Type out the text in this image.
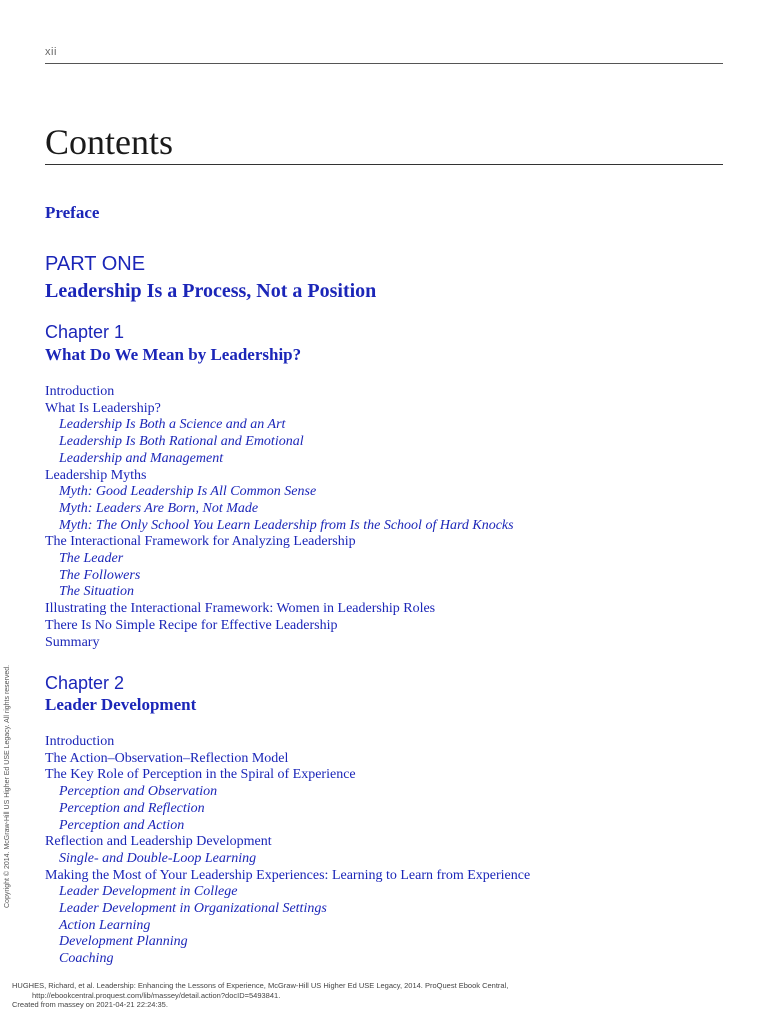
xii
Contents
Preface
PART ONE
Leadership Is a Process, Not a Position
Chapter 1
What Do We Mean by Leadership?
Introduction
What Is Leadership?
Leadership Is Both a Science and an Art
Leadership Is Both Rational and Emotional
Leadership and Management
Leadership Myths
Myth: Good Leadership Is All Common Sense
Myth: Leaders Are Born, Not Made
Myth: The Only School You Learn Leadership from Is the School of Hard Knocks
The Interactional Framework for Analyzing Leadership
The Leader
The Followers
The Situation
Illustrating the Interactional Framework: Women in Leadership Roles
There Is No Simple Recipe for Effective Leadership
Summary
Chapter 2
Leader Development
Introduction
The Action–Observation–Reflection Model
The Key Role of Perception in the Spiral of Experience
Perception and Observation
Perception and Reflection
Perception and Action
Reflection and Leadership Development
Single- and Double-Loop Learning
Making the Most of Your Leadership Experiences: Learning to Learn from Experience
Leader Development in College
Leader Development in Organizational Settings
Action Learning
Development Planning
Coaching
Copyright © 2014. McGraw-Hill US Higher Ed USE Legacy. All rights reserved.
HUGHES, Richard, et al. Leadership: Enhancing the Lessons of Experience, McGraw-Hill US Higher Ed USE Legacy, 2014. ProQuest Ebook Central,
http://ebookcentral.proquest.com/lib/massey/detail.action?docID=5493841.
Created from massey on 2021-04-21 22:24:35.
